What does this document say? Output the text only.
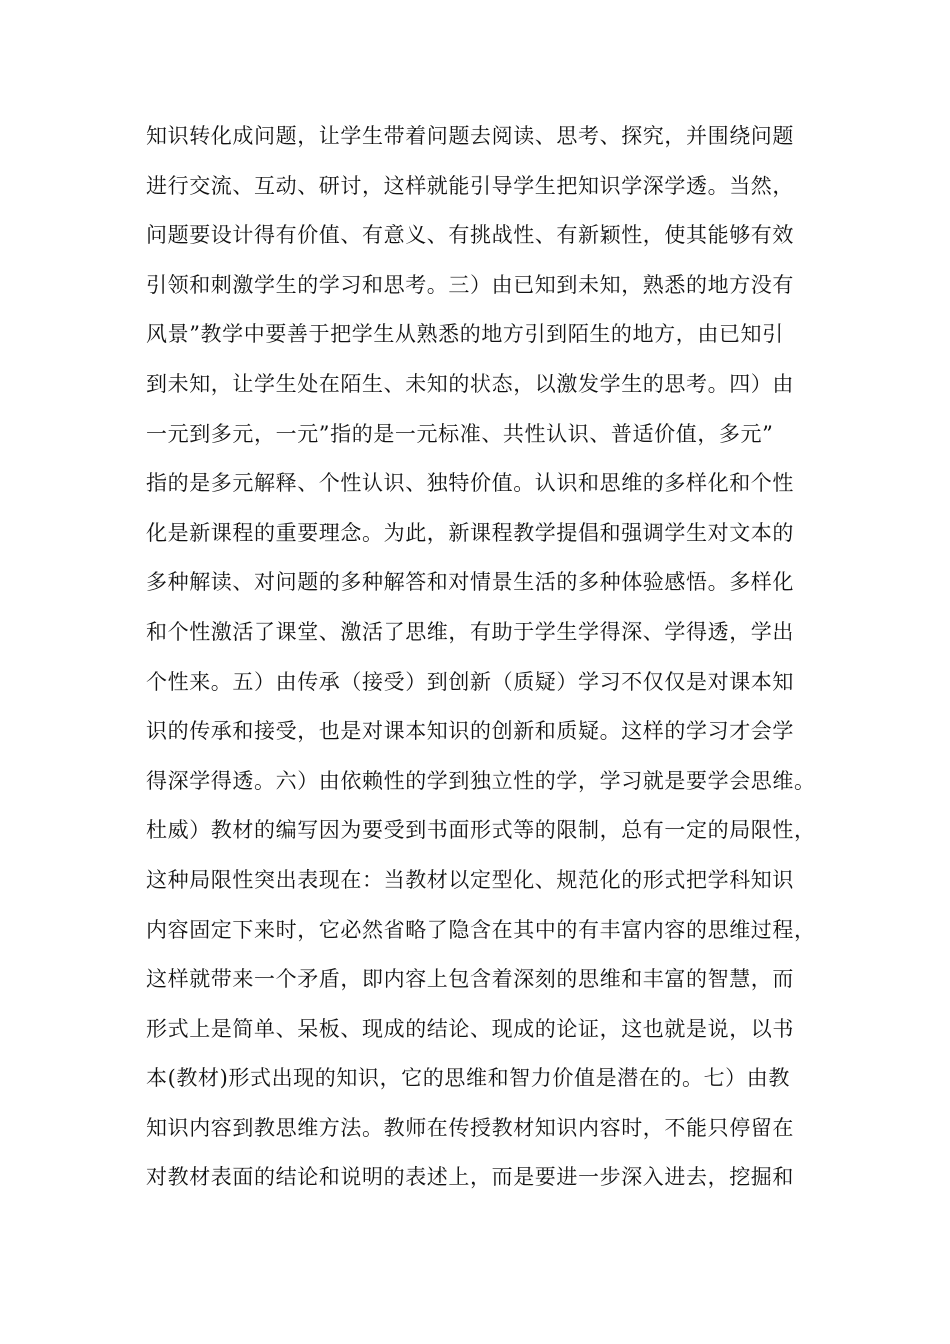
知识转化成问题，让学生带着问题去阅读、思考、探究，并围绕问题
进行交流、互动、研讨，这样就能引导学生把知识学深学透。当然，
问题要设计得有价值、有意义、有挑战性、有新颖性，使其能够有效
引领和刺激学生的学习和思考。三）由已知到未知，熟悉的地方没有
风景”教学中要善于把学生从熟悉的地方引到陌生的地方，由已知引
到未知，让学生处在陌生、未知的状态，以激发学生的思考。四）由
一元到多元，一元”指的是一元标准、共性认识、普适价值，多元”
指的是多元解释、个性认识、独特价值。认识和思维的多样化和个性
化是新课程的重要理念。为此，新课程教学提倡和强调学生对文本的
多种解读、对问题的多种解答和对情景生活的多种体验感悟。多样化
和个性激活了课堂、激活了思维，有助于学生学得深、学得透，学出
个性来。五）由传承（接受）到创新（质疑）学习不仅仅是对课本知
识的传承和接受，也是对课本知识的创新和质疑。这样的学习才会学
得深学得透。六）由依赖性的学到独立性的学，学习就是要学会思维。
杜威）教材的编写因为要受到书面形式等的限制，总有一定的局限性，
这种局限性突出表现在：当教材以定型化、规范化的形式把学科知识
内容固定下来时，它必然省略了隐含在其中的有丰富内容的思维过程，
这样就带来一个矛盾，即内容上包含着深刻的思维和丰富的智慧，而
形式上是简单、呆板、现成的结论、现成的论证，这也就是说，以书
本(教材)形式出现的知识，它的思维和智力价值是潜在的。七）由教
知识内容到教思维方法。教师在传授教材知识内容时，不能只停留在
对教材表面的结论和说明的表述上，而是要进一步深入进去，挖掘和
